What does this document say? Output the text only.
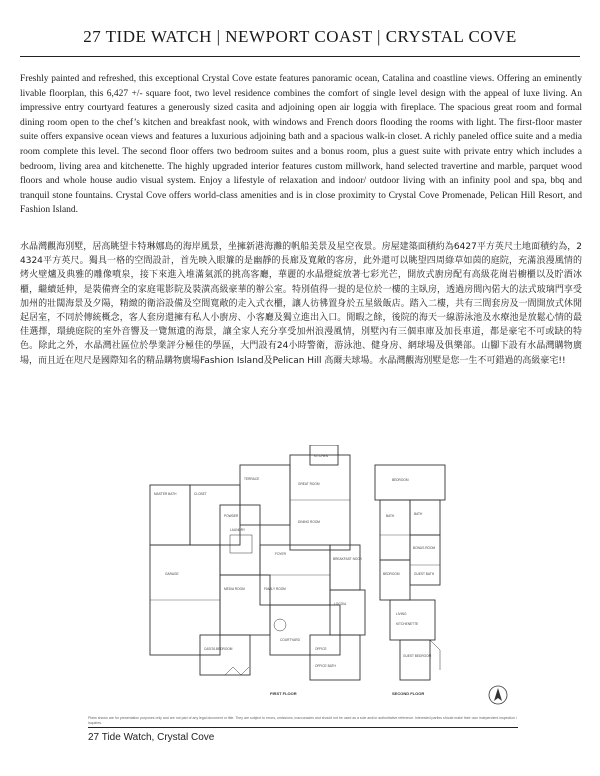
27 TIDE WATCH | NEWPORT COAST | CRYSTAL COVE
Freshly painted and refreshed, this exceptional Crystal Cove estate features panoramic ocean, Catalina and coastline views. Offering an eminently livable floorplan, this 6,427 +/- square foot, two level residence combines the comfort of single level design with the appeal of luxe living. An impressive entry courtyard features a generously sized casita and adjoining open air loggia with fireplace. The spacious great room and formal dining room open to the chef’s kitchen and breakfast nook, with windows and French doors flooding the rooms with light. The first-floor master suite offers expansive ocean views and features a luxurious adjoining bath and a spacious walk-in closet. A richly paneled office suite and a media room complete this level. The second floor offers two bedroom suites and a bonus room, plus a guest suite with private entry which includes a bedroom, living area and kitchenette. The highly upgraded interior features custom millwork, hand selected travertine and marble, parquet wood floors and whole house audio visual system. Enjoy a lifestyle of relaxation and indoor/ outdoor living with an infinity pool and spa, bbq and tranquil stone fountains. Crystal Cove offers world-class amenities and is in close proximity to Crystal Cove Promenade, Pelican Hill Resort, and Fashion Island.
水晶灣觀海別墅，居高眺望卡特琳娜島的海岸風景，坐擁新港海灘的帆船美景及星空夜景。房屋建築面積約為6427平方英尺土地面積約為，24324平方英尺。獨具一格的空間設計，首先映入眼簾的是幽靜的長廊及寬敞的客房，此外還可以眺望四周綠草如茵的庭院，充滿浪漫風情的烤火壁爐及典雅的雕像噴泉，接下來進入堆滿氣派的挑高客廳，華麗的水晶燈綻放著七彩光芒，開放式廚房配有高級花崗岩櫥櫃以及貯酒冰櫃，繼續延伸，是裝備齊全的家庭電影院及裝潢高級豪華的辦公室。特別值得一提的是位於一樓的主臥房，透過房間內偌大的法式玻璃門享受加州的壯闊海景及夕陽，精緻的衛浴設備及空間寬敞的走入式衣櫃，讓人彷彿置身於五星級飯店。踏入二樓，共有三間套房及一間開放式休閒起居室，不同於傳統概念，客人套房還擁有私人小廚房、小客廳及獨立進出入口。閒暇之餘，後院的海天一線游泳池及水療池是放鬆心情的最佳選擇，環繞庭院的室外音響及一覽無遺的海景，讓全家人充分享受加州浪漫風情，別墅內有三個車庫及加長車道，都是豪宅不可或缺的特色。除此之外，水晶灣社區位於學業評分極佳的學區，大門設有24小時警衛，游泳池、健身房、網球場及俱樂部。山腳下設有水晶灣購物廣場，而且近在咫尺是國際知名的精品購物廣場Fashion Island及Pelican Hill 高爾夫球場。水晶灣觀海別墅是您一生不可錯過的高級豪宅!!
MASTER BATH	CLOSET
GREAT ROOM
DINING ROOM
KITCHEN
FAMILY ROOM
GARAGE
FOYER
POWDER
LAUNDRY
MEDIA ROOM
OFFICE
CASITA BEDROOM
LOGGIA
COURTYARD
OFFICE BATH
BREAKFAST NOOK
TERRACE	BEDROOM
BATH
BONUS ROOM
BEDROOM
BATH
LIVING
KITCHENETTE
GUEST BATH
GUEST BEDROOM
FIRST FLOOR	SECOND FLOOR
Plans shown are for presentation purposes only and are not part of any legal document or title. They are subject to errors, omissions, inaccuracies and should not be used as a sole and/or authoritative reference. Interested parties should make their own independent inspection / inquiries.
27 Tide Watch, Crystal Cove
